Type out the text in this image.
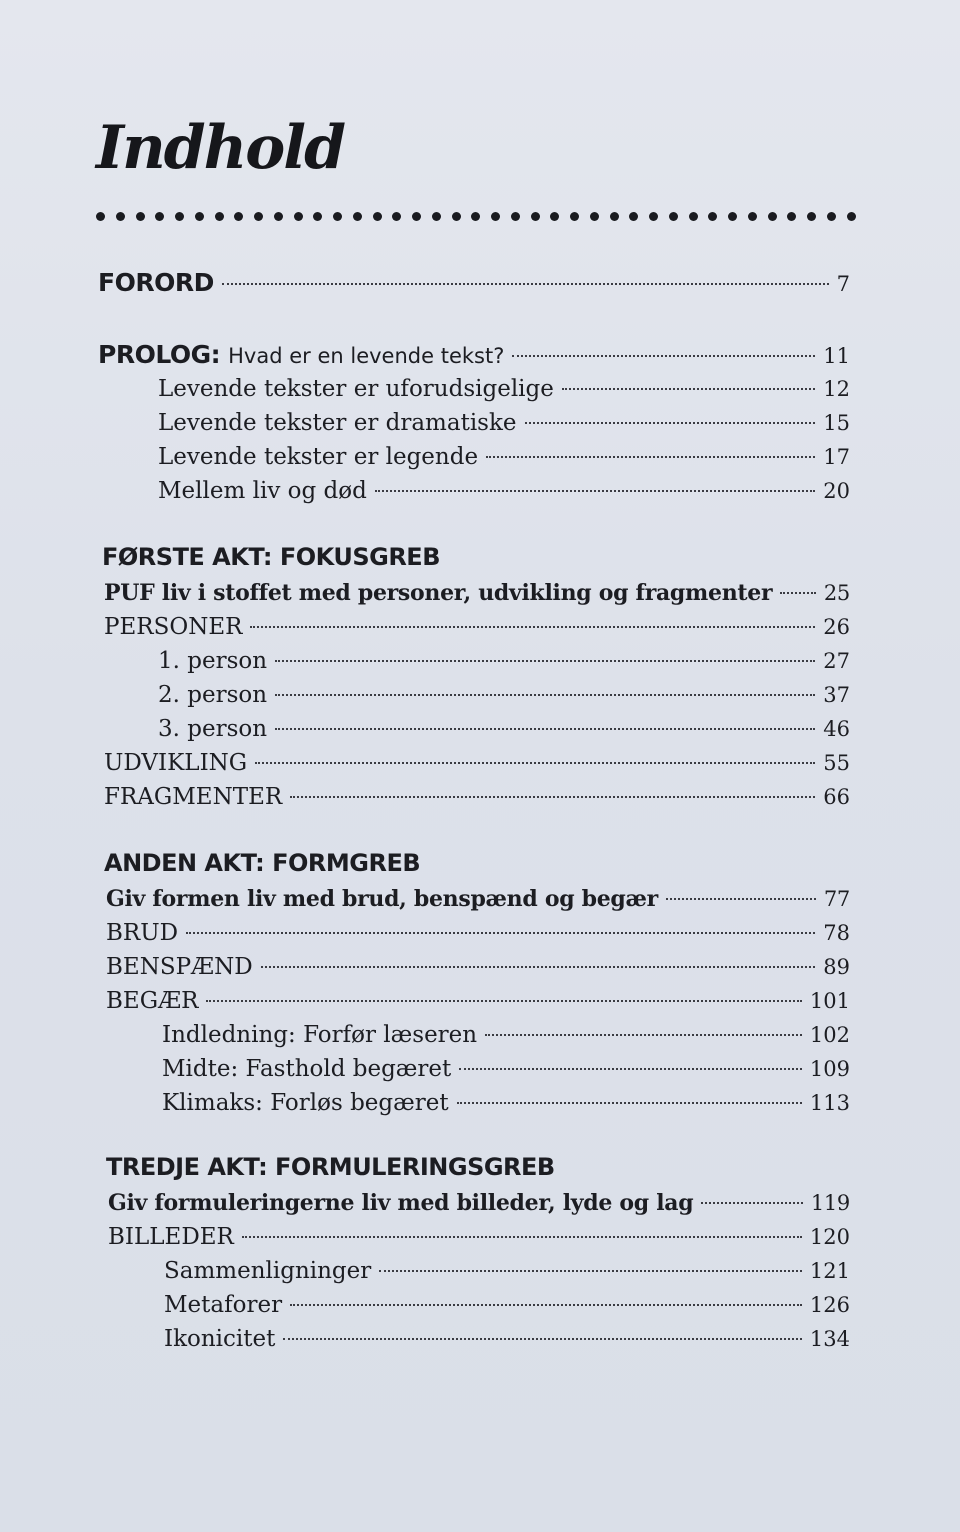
Indhold
FORORD	7
PROLOG: Hvad er en levende tekst?	11
Levende tekster er uforudsigelige	12
Levende tekster er dramatiske	15
Levende tekster er legende	17
Mellem liv og død	20
FØRSTE AKT: FOKUSGREB
PUF liv i stoffet med personer, udvikling og fragmenter 25
PERSONER	26
1. person	27
2. person	37
3. person	46
UDVIKLING	55
FRAGMENTER	66
ANDEN AKT: FORMGREB
Giv formen liv med brud, benspænd og begær	77
BRUD	78
BENSPÆND	89
BEGÆR	101
Indledning: Forfør læseren	102
Midte: Fasthold begæret	109
Klimaks: Forløs begæret	113
TREDJE AKT: FORMULERINGSGREB
Giv formuleringerne liv med billeder, lyde og lag	119
BILLEDER	120
Sammenligninger	121
Metaforer	126
Ikonicitet	134
